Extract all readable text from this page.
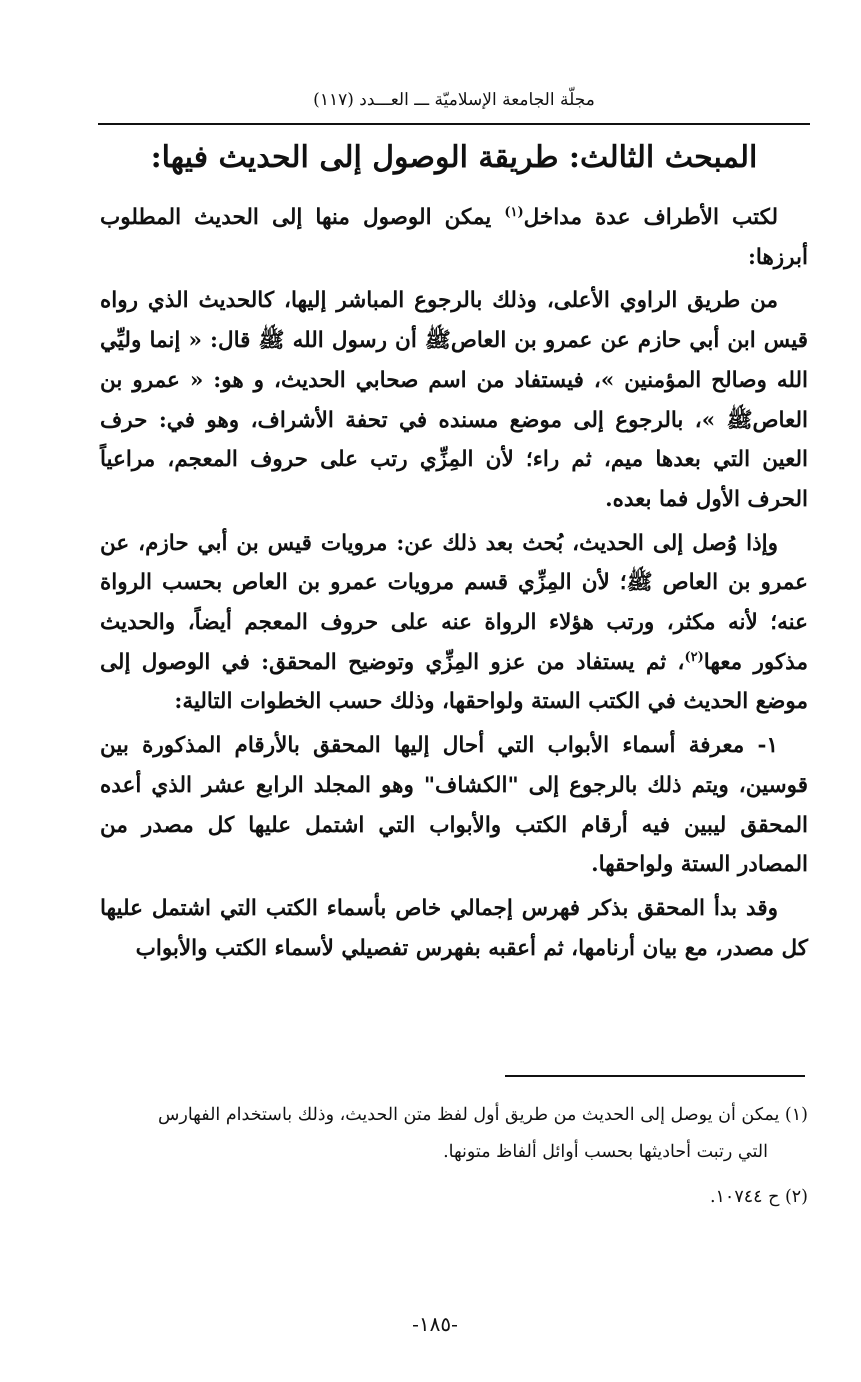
مجلّة الجامعة الإسلاميّة ـــ العـــدد (١١٧)
المبحث الثالث: طريقة الوصول إلى الحديث فيها:

لكتب الأطراف عدة مداخل$^{(١)}$ يمكن الوصول منها إلى الحديث المطلوب أبرزها:

من طريق الراوي الأعلى، وذلك بالرجوع المباشر إليها، كالحديث الذي رواه قيس ابن أبي حازم عن عمرو بن العاصﷺ أن رسول الله ﷺ قال: « إنما وليِّي الله وصالح المؤمنين »، فيستفاد من اسم صحابي الحديث، و هو: « عمرو بن العاصﷺ »، بالرجوع إلى موضع مسنده في تحفة الأشراف، وهو في: حرف العين التي بعدها ميم، ثم راء؛ لأن المِزِّي رتب على حروف المعجم، مراعياً الحرف الأول فما بعده.

وإذا وُصل إلى الحديث، بُحث بعد ذلك عن: مرويات قيس بن أبي حازم، عن عمرو بن العاص ﷺ؛ لأن المِزِّي قسم مرويات عمرو بن العاص بحسب الرواة عنه؛ لأنه مكثر، ورتب هؤلاء الرواة عنه على حروف المعجم أيضاً، والحديث مذكور معها$^{(٢)}$، ثم يستفاد من عزو المِزِّي وتوضيح المحقق: في الوصول إلى موضع الحديث في الكتب الستة ولواحقها، وذلك حسب الخطوات التالية:

١- معرفة أسماء الأبواب التي أحال إليها المحقق بالأرقام المذكورة بين قوسين، ويتم ذلك بالرجوع إلى "الكشاف" وهو المجلد الرابع عشر الذي أعده المحقق ليبين فيه أرقام الكتب والأبواب التي اشتمل عليها كل مصدر من المصادر الستة ولواحقها.

وقد بدأ المحقق بذكر فهرس إجمالي خاص بأسماء الكتب التي اشتمل عليها كل مصدر، مع بيان أرنامها، ثم أعقبه بفهرس تفصيلي لأسماء الكتب والأبواب

(١) يمكن أن يوصل إلى الحديث من طريق أول لفظ متن الحديث، وذلك باستخدام الفهارس
التي رتبت أحاديثها بحسب أوائل ألفاظ متونها.
(٢) ح ١٠٧٤٤.
-١٨٥-
